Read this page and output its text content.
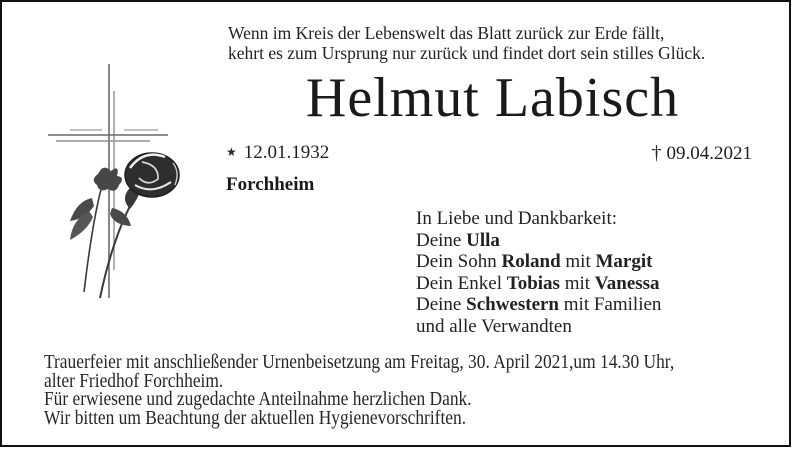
Wenn im Kreis der Lebenswelt das Blatt zurück zur Erde fällt,
kehrt es zum Ursprung nur zurück und findet dort sein stilles Glück.
Helmut Labisch
★ 12.01.1932	† 09.04.2021
Forchheim
In Liebe und Dankbarkeit:
Deine Ulla
Dein Sohn Roland mit Margit
Dein Enkel Tobias mit Vanessa
Deine Schwestern mit Familien
und alle Verwandten
Trauerfeier mit anschließender Urnenbeisetzung am Freitag, 30. April 2021,um 14.30 Uhr,
alter Friedhof Forchheim.
Für erwiesene und zugedachte Anteilnahme herzlichen Dank.
Wir bitten um Beachtung der aktuellen Hygienevorschriften.
